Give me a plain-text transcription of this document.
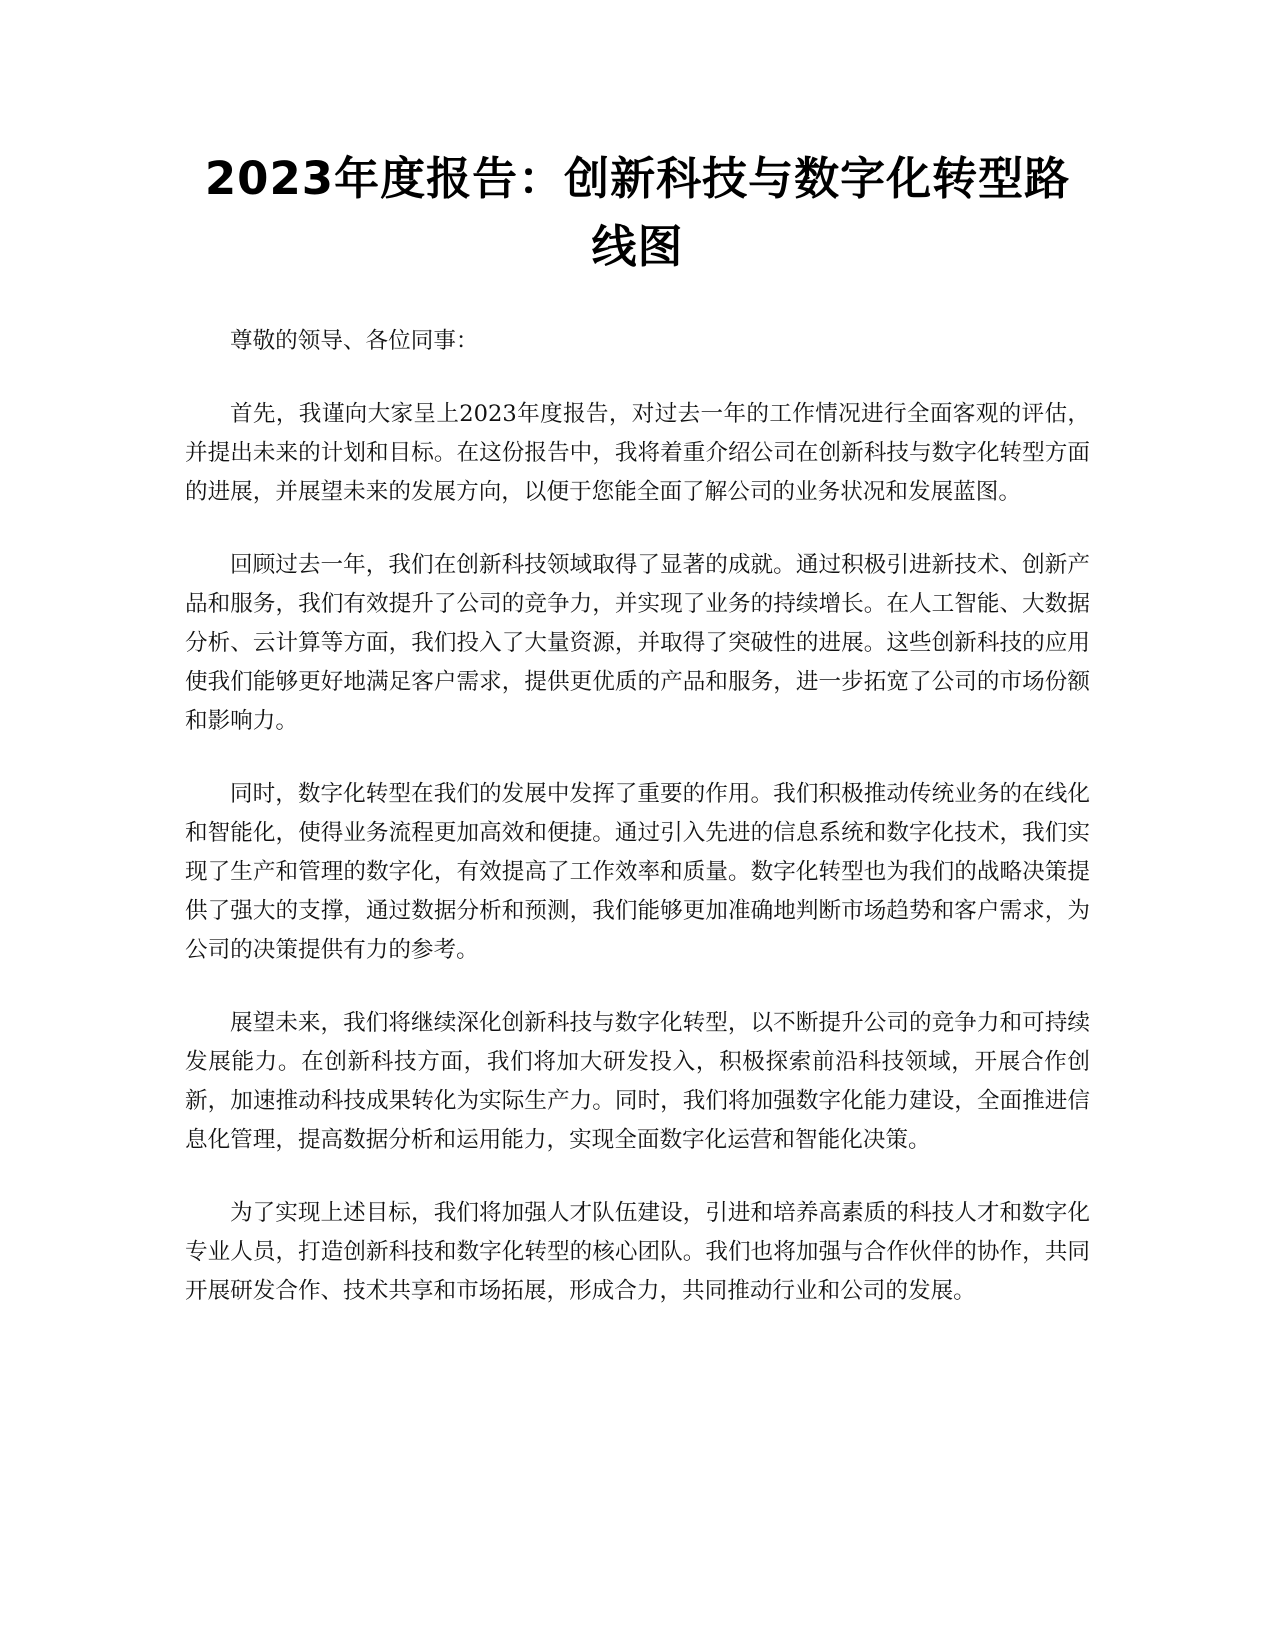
2023年度报告：创新科技与数字化转型路线图

尊敬的领导、各位同事：

首先，我谨向大家呈上2023年度报告，对过去一年的工作情况进行全面客观的评估，并提出未来的计划和目标。在这份报告中，我将着重介绍公司在创新科技与数字化转型方面的进展，并展望未来的发展方向，以便于您能全面了解公司的业务状况和发展蓝图。

回顾过去一年，我们在创新科技领域取得了显著的成就。通过积极引进新技术、创新产品和服务，我们有效提升了公司的竞争力，并实现了业务的持续增长。在人工智能、大数据分析、云计算等方面，我们投入了大量资源，并取得了突破性的进展。这些创新科技的应用使我们能够更好地满足客户需求，提供更优质的产品和服务，进一步拓宽了公司的市场份额和影响力。

同时，数字化转型在我们的发展中发挥了重要的作用。我们积极推动传统业务的在线化和智能化，使得业务流程更加高效和便捷。通过引入先进的信息系统和数字化技术，我们实现了生产和管理的数字化，有效提高了工作效率和质量。数字化转型也为我们的战略决策提供了强大的支撑，通过数据分析和预测，我们能够更加准确地判断市场趋势和客户需求，为公司的决策提供有力的参考。

展望未来，我们将继续深化创新科技与数字化转型，以不断提升公司的竞争力和可持续发展能力。在创新科技方面，我们将加大研发投入，积极探索前沿科技领域，开展合作创新，加速推动科技成果转化为实际生产力。同时，我们将加强数字化能力建设，全面推进信息化管理，提高数据分析和运用能力，实现全面数字化运营和智能化决策。

为了实现上述目标，我们将加强人才队伍建设，引进和培养高素质的科技人才和数字化专业人员，打造创新科技和数字化转型的核心团队。我们也将加强与合作伙伴的协作，共同开展研发合作、技术共享和市场拓展，形成合力，共同推动行业和公司的发展。
